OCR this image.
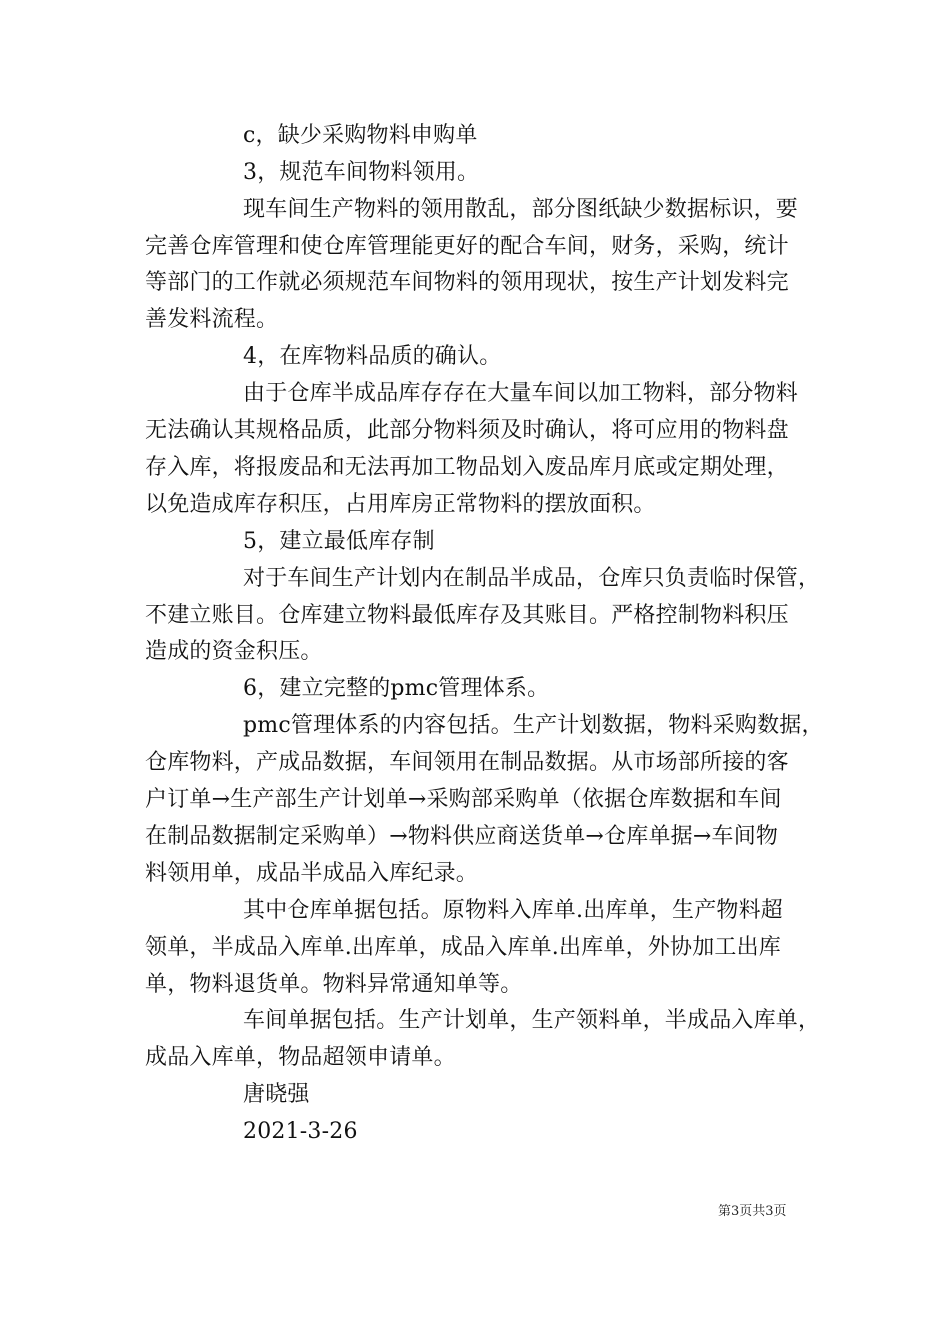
c，缺少采购物料申购单
3，规范车间物料领用。
现车间生产物料的领用散乱，部分图纸缺少数据标识，要
完善仓库管理和使仓库管理能更好的配合车间，财务，采购，统计
等部门的工作就必须规范车间物料的领用现状，按生产计划发料完
善发料流程。
4，在库物料品质的确认。
由于仓库半成品库存存在大量车间以加工物料，部分物料
无法确认其规格品质，此部分物料须及时确认，将可应用的物料盘
存入库，将报废品和无法再加工物品划入废品库月底或定期处理，
以免造成库存积压，占用库房正常物料的摆放面积。
5，建立最低库存制
对于车间生产计划内在制品半成品，仓库只负责临时保管，
不建立账目。仓库建立物料最低库存及其账目。严格控制物料积压
造成的资金积压。
6，建立完整的pmc管理体系。
pmc管理体系的内容包括。生产计划数据，物料采购数据，
仓库物料，产成品数据，车间领用在制品数据。从市场部所接的客
户订单→生产部生产计划单→采购部采购单（依据仓库数据和车间
在制品数据制定采购单）→物料供应商送货单→仓库单据→车间物
料领用单，成品半成品入库纪录。
其中仓库单据包括。原物料入库单.出库单，生产物料超
领单，半成品入库单.出库单，成品入库单.出库单，外协加工出库
单，物料退货单。物料异常通知单等。
车间单据包括。生产计划单，生产领料单，半成品入库单，
成品入库单，物品超领申请单。
唐晓强
2021-3-26
第3页共3页
